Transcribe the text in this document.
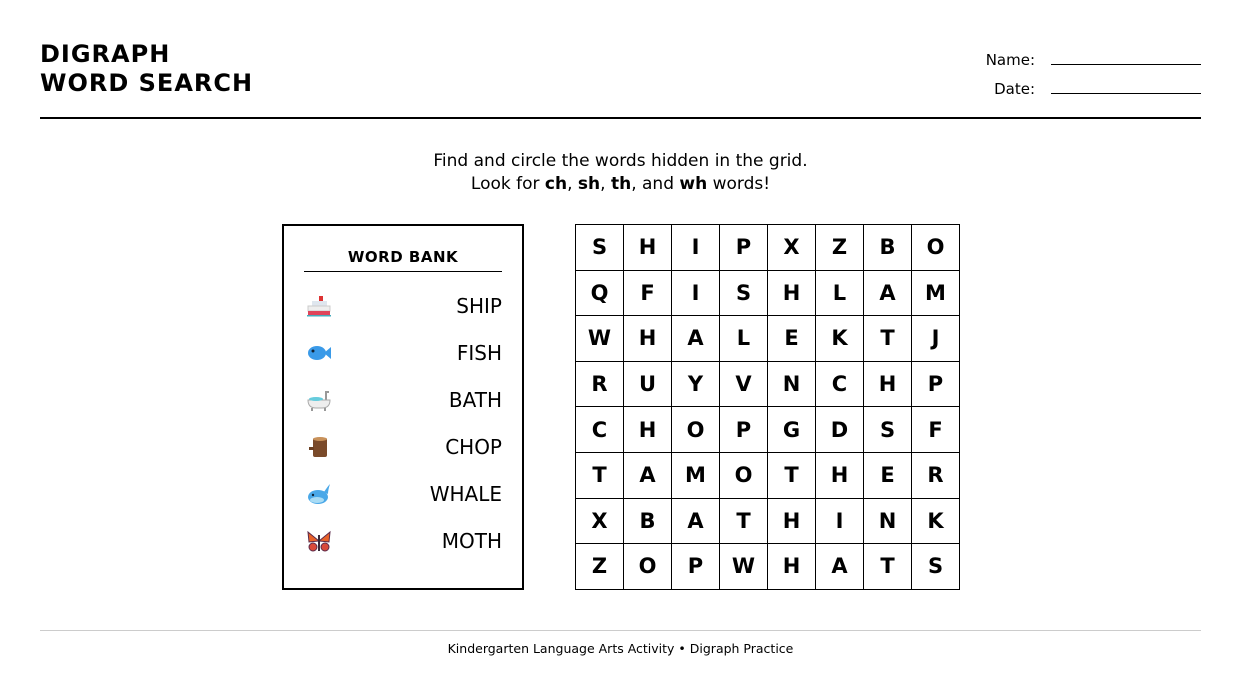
DIGRAPH
WORD SEARCH
Name:
Date:
Find and circle the words hidden in the grid.
Look for ch, sh, th, and wh words!
WORD BANK
SHIP
FISH
BATH
CHOP
WHALE
MOTH
S	H	I	P	X	Z	B	O
Q	F	I	S	H	L	A	M
W	H	A	L	E	K	T	J
R	U	Y	V	N	C	H	P
C	H	O	P	G	D	S	F
T	A	M	O	T	H	E	R
X	B	A	T	H	I	N	K
Z	O	P	W	H	A	T	S
Kindergarten Language Arts Activity • Digraph Practice
